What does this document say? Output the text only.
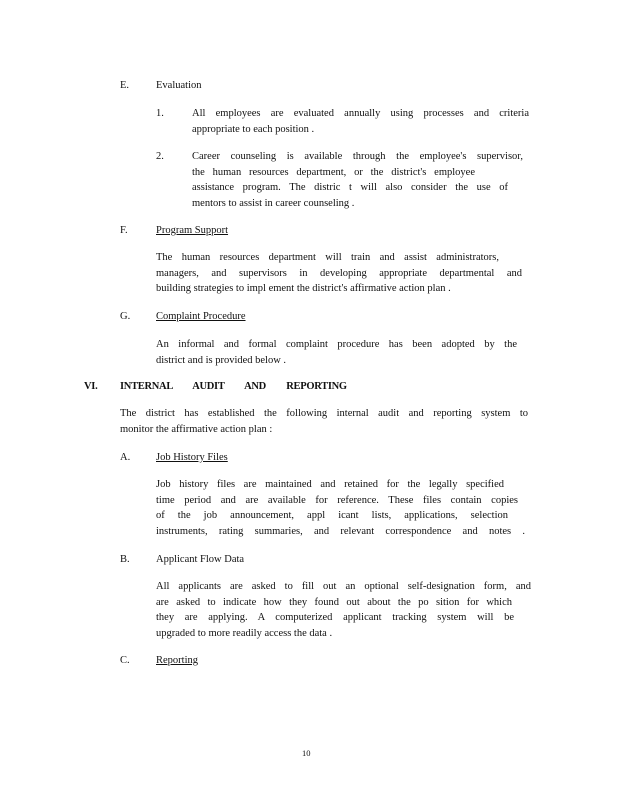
E.	Evaluation
1.	All employees are evaluated annually using processes and criteria
appropriate to each position .
2.	Career counseling is available through the employee's supervisor,
the human resources department, or the district's employee
assistance program. The distric t will also consider the use of
mentors to assist in career counseling .
F.	Program Support
The human resources department will train and assist administrators,
managers, and supervisors in developing appropriate departmental and
building strategies to impl ement the district's affirmative action plan .
G. Complaint Procedure
An informal and formal complaint procedure has been adopted by the
district and is provided below .
VI. INTERNAL AUDIT AND REPORTING
The district has established the following internal audit and reporting system to
monitor the affirmative action plan :
A. Job History Files
Job history files are maintained and retained for the legally specified
time period and are available for reference. These files contain copies
of the job announcement, appl icant lists, applications, selection
instruments, rating summaries, and relevant correspondence and notes .
B.	Applicant Flow Data
All applicants are asked to fill out an optional self-designation form, and
are asked to indicate how they found out about the po sition for which
they are applying. A computerized applicant tracking system will be
upgraded to more readily access the data .
C.	Reporting
10
